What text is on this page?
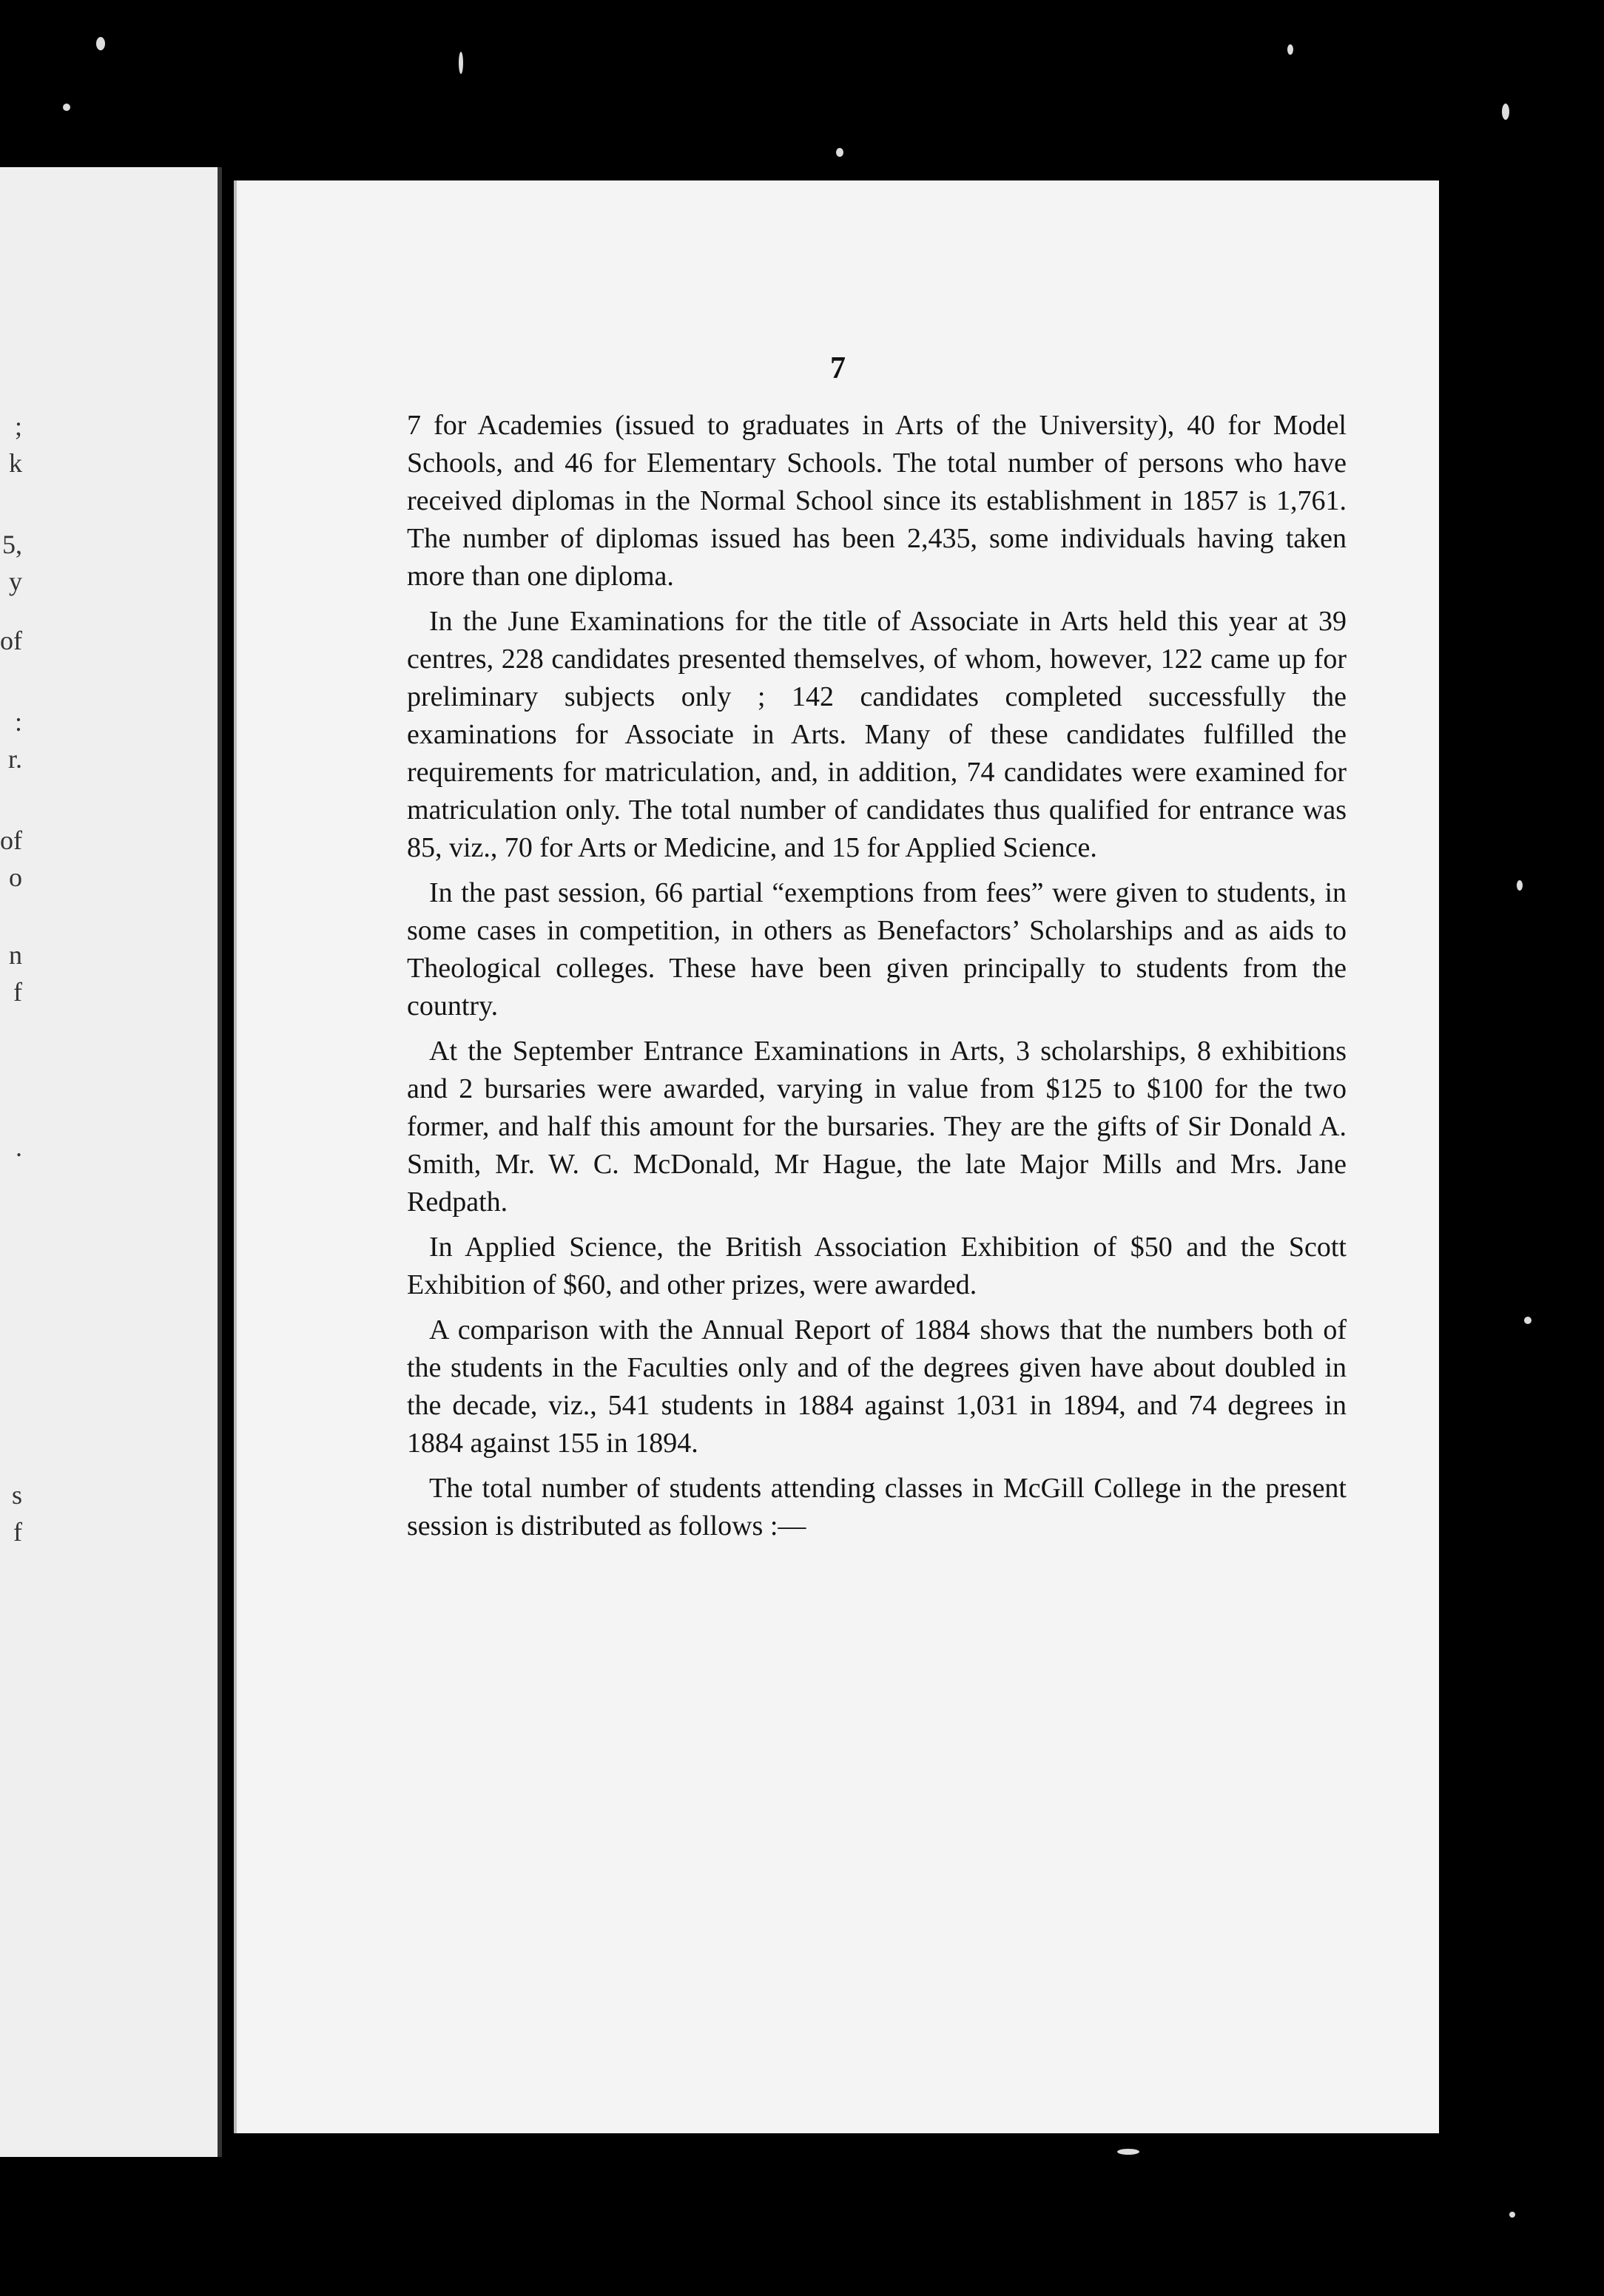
;
k
5,
y
of
:
r.
of
o
n
f
.
s
f
7

7 for Academies (issued to graduates in Arts of the University), 40 for Model Schools, and 46 for Elementary Schools. The total number of persons who have received diplomas in the Normal School since its establishment in 1857 is 1,761. The number of diplomas issued has been 2,435, some individuals having taken more than one diploma.

In the June Examinations for the title of Associate in Arts held this year at 39 centres, 228 candidates presented themselves, of whom, however, 122 came up for preliminary subjects only ; 142 candidates completed successfully the examinations for Associate in Arts. Many of these candidates fulfilled the requirements for matriculation, and, in addition, 74 candidates were examined for matriculation only. The total number of candidates thus qualified for entrance was 85, viz., 70 for Arts or Medicine, and 15 for Applied Science.

In the past session, 66 partial “exemptions from fees” were given to students, in some cases in competition, in others as Benefactors’ Scholarships and as aids to Theological colleges. These have been given principally to students from the country.

At the September Entrance Examinations in Arts, 3 scholarships, 8 exhibitions and 2 bursaries were awarded, varying in value from $125 to $100 for the two former, and half this amount for the bursaries. They are the gifts of Sir Donald A. Smith, Mr. W. C. McDonald, Mr Hague, the late Major Mills and Mrs. Jane Redpath.

In Applied Science, the British Association Exhibition of $50 and the Scott Exhibition of $60, and other prizes, were awarded.

A comparison with the Annual Report of 1884 shows that the numbers both of the students in the Faculties only and of the degrees given have about doubled in the decade, viz., 541 students in 1884 against 1,031 in 1894, and 74 degrees in 1884 against 155 in 1894.

The total number of students attending classes in McGill College in the present session is distributed as follows :—
